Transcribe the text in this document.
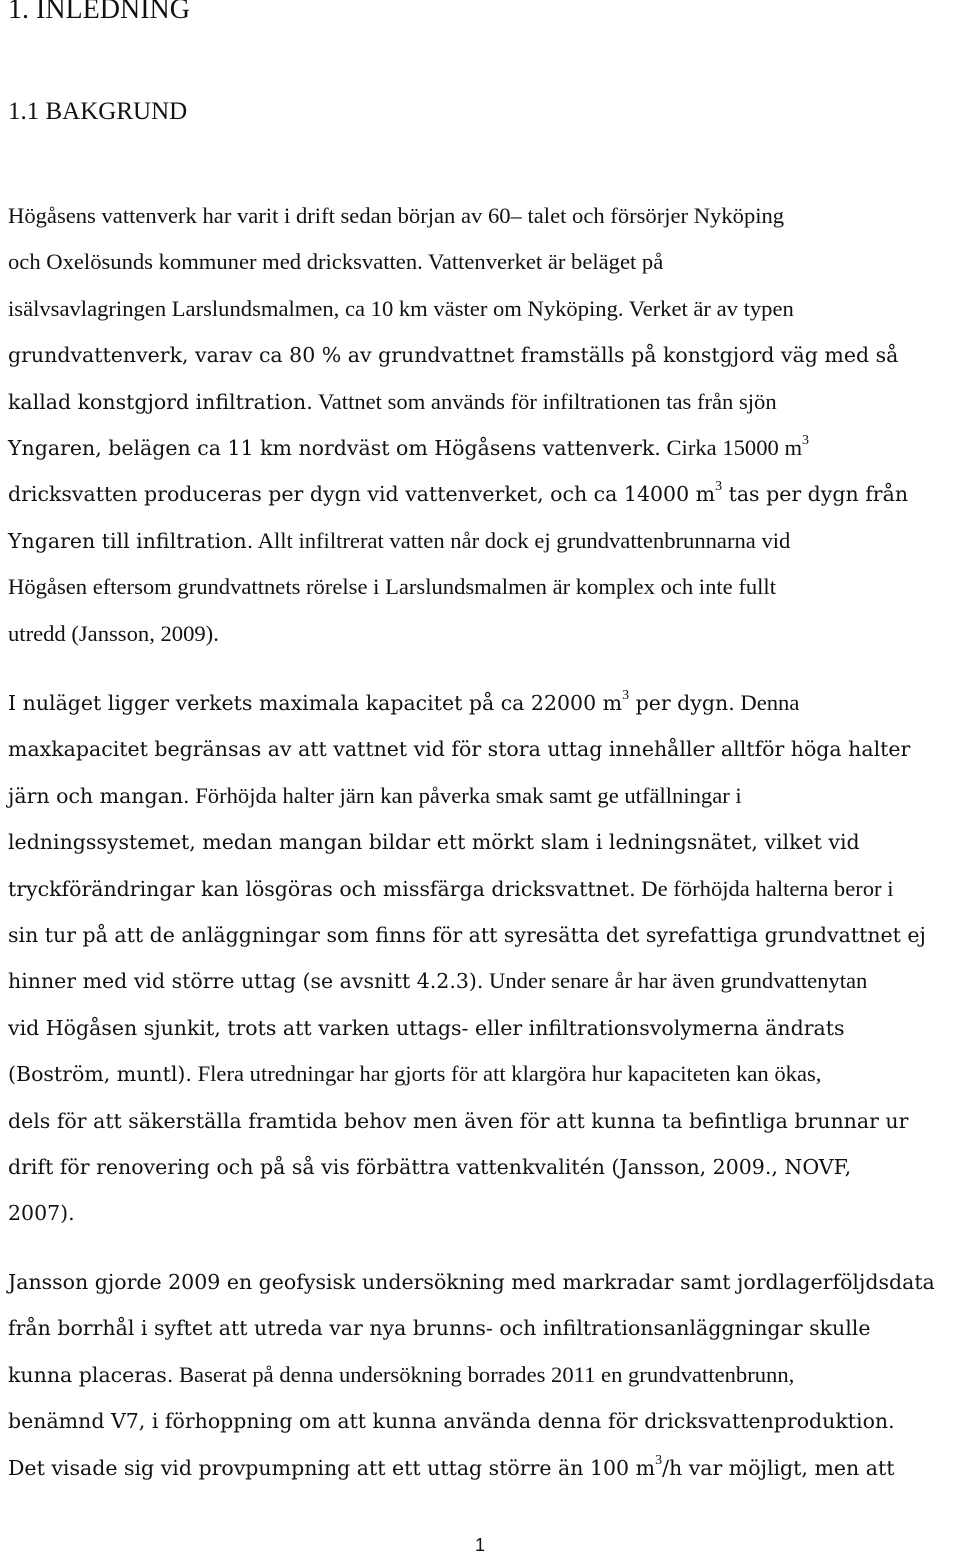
1. INLEDNING
1.1 BAKGRUND
Högåsens vattenverk har varit i drift sedan början av 60– talet och försörjer Nyköping
och Oxelösunds kommuner med dricksvatten. Vattenverket är beläget på
isälvsavlagringen Larslundsmalmen, ca 10 km väster om Nyköping. Verket är av typen
grundvattenverk, varav ca 80 % av grundvattnet framställs på konstgjord väg med så
kallad konstgjord infiltration. Vattnet som används för infiltrationen tas från sjön
Yngaren, belägen ca 11 km nordväst om Högåsens vattenverk. Cirka 15000 $m^3$
dricksvatten produceras per dygn vid vattenverket, och ca 14000 $m^3$ tas per dygn från
Yngaren till infiltration. Allt infiltrerat vatten når dock ej grundvattenbrunnarna vid
Högåsen eftersom grundvattnets rörelse i Larslundsmalmen är komplex och inte fullt
utredd (Jansson, 2009).
I nuläget ligger verkets maximala kapacitet på ca 22000 $m^3$ per dygn. Denna
maxkapacitet begränsas av att vattnet vid för stora uttag innehåller alltför höga halter
järn och mangan. Förhöjda halter järn kan påverka smak samt ge utfällningar i
ledningssystemet, medan mangan bildar ett mörkt slam i ledningsnätet, vilket vid
tryckförändringar kan lösgöras och missfärga dricksvattnet. De förhöjda halterna beror i
sin tur på att de anläggningar som finns för att syresätta det syrefattiga grundvattnet ej
hinner med vid större uttag (se avsnitt 4.2.3). Under senare år har även grundvattenytan
vid Högåsen sjunkit, trots att varken uttags- eller infiltrationsvolymerna ändrats
(Boström, muntl). Flera utredningar har gjorts för att klargöra hur kapaciteten kan ökas,
dels för att säkerställa framtida behov men även för att kunna ta befintliga brunnar ur
drift för renovering och på så vis förbättra vattenkvalitén (Jansson, 2009., NOVF,
2007).
Jansson gjorde 2009 en geofysisk undersökning med markradar samt jordlagerföljdsdata
från borrhål i syftet att utreda var nya brunns- och infiltrationsanläggningar skulle
kunna placeras. Baserat på denna undersökning borrades 2011 en grundvattenbrunn,
benämnd V7, i förhoppning om att kunna använda denna för dricksvattenproduktion.
Det visade sig vid provpumpning att ett uttag större än 100 $m^3/h$ var möjligt, men att
1
